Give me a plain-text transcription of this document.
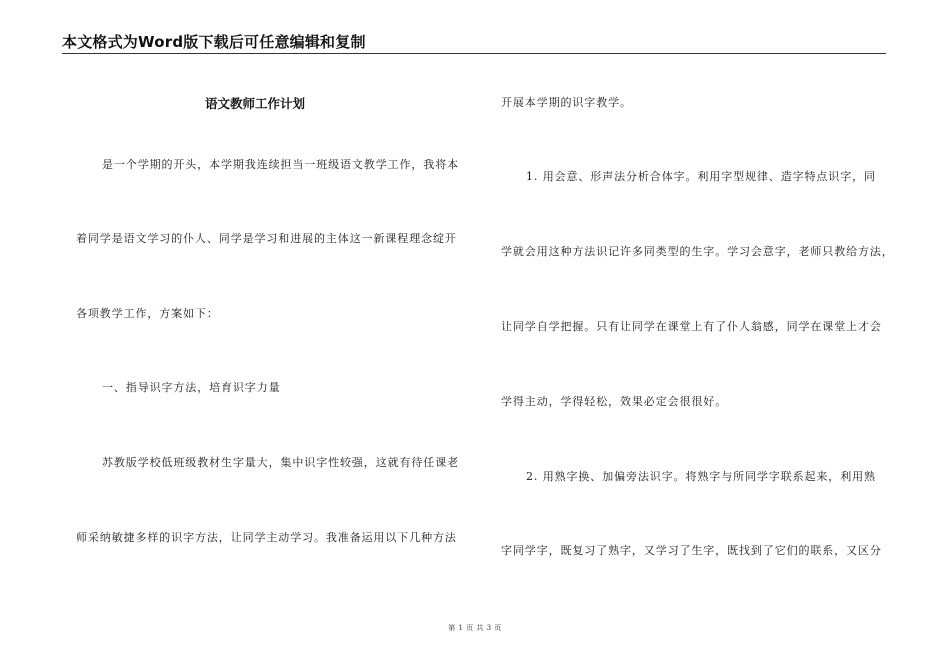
本文格式为Word版下载后可任意编辑和复制
语文教师工作计划
是一个学期的开头，本学期我连续担当一班级语文教学工作，我将本
着同学是语文学习的仆人、同学是学习和进展的主体这一新课程理念绽开
各项教学工作，方案如下：
一、指导识字方法，培育识字力量
苏教版学校低班级教材生字量大，集中识字性较强，这就有待任课老
师采纳敏捷多样的识字方法，让同学主动学习。我准备运用以下几种方法
开展本学期的识字教学。
1. 用会意、形声法分析合体字。利用字型规律、造字特点识字，同
学就会用这种方法识记许多同类型的生字。学习会意字，老师只教给方法，
让同学自学把握。只有让同学在课堂上有了仆人翁感，同学在课堂上才会
学得主动，学得轻松，效果必定会很很好。
2. 用熟字换、加偏旁法识字。将熟字与所同学字联系起来，利用熟
字同学字，既复习了熟字，又学习了生字，既找到了它们的联系，又区分
第 1 页 共 3 页
